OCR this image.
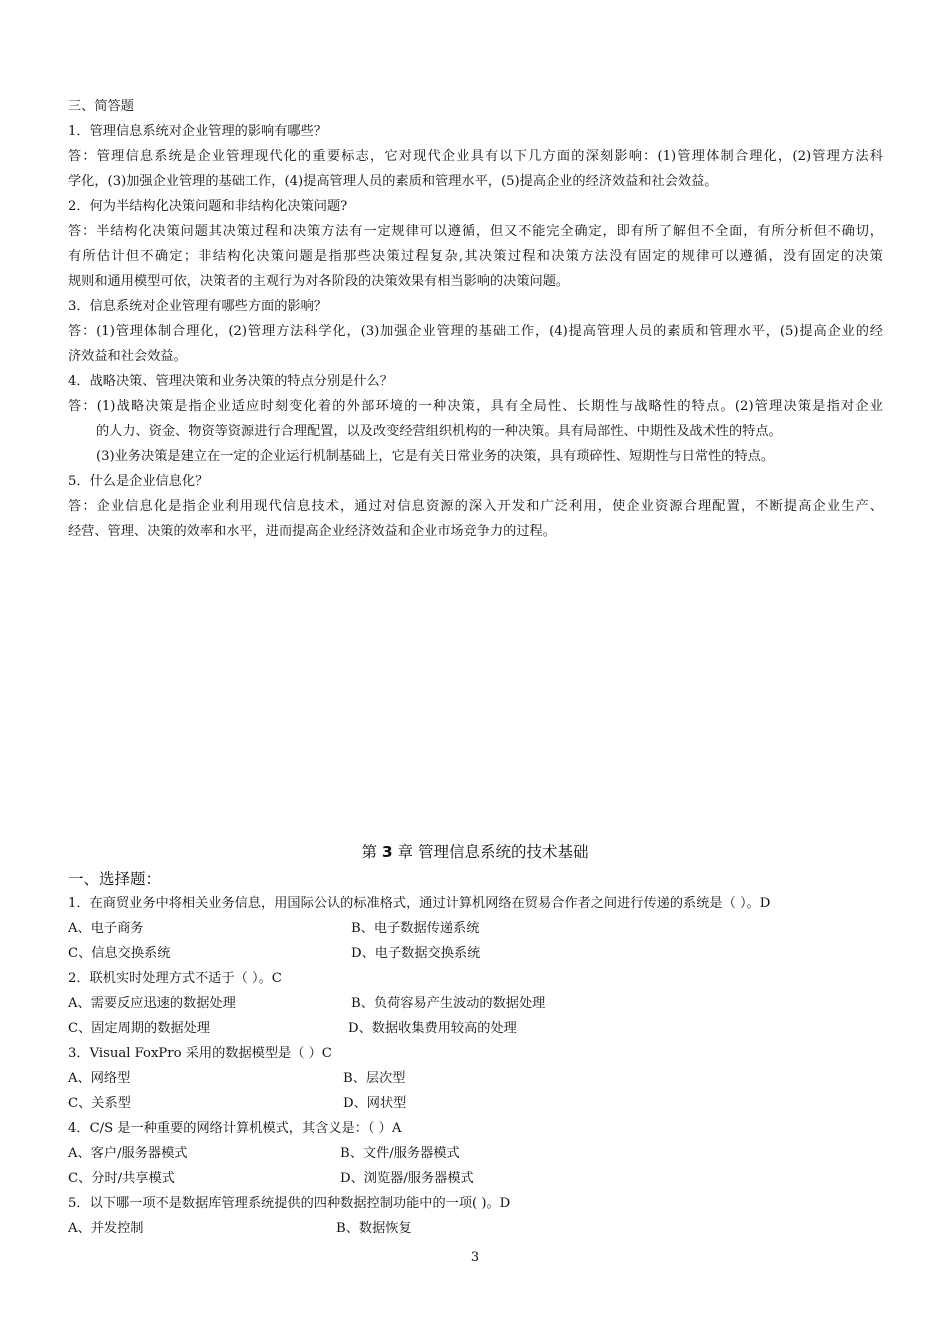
三、简答题
1．管理信息系统对企业管理的影响有哪些？
答：管理信息系统是企业管理现代化的重要标志，它对现代企业具有以下几方面的深刻影响：(1)管理体制合理化，(2)管理方法科
学化，(3)加强企业管理的基础工作，(4)提高管理人员的素质和管理水平，(5)提高企业的经济效益和社会效益。
2．何为半结构化决策问题和非结构化决策问题?
答：半结构化决策问题其决策过程和决策方法有一定规律可以遵循，但又不能完全确定，即有所了解但不全面，有所分析但不确切，
有所估计但不确定；非结构化决策问题是指那些决策过程复杂,其决策过程和决策方法没有固定的规律可以遵循，没有固定的决策
规则和通用模型可依，决策者的主观行为对各阶段的决策效果有相当影响的决策问题。
3．信息系统对企业管理有哪些方面的影响？
答：(1)管理体制合理化，(2)管理方法科学化，(3)加强企业管理的基础工作，(4)提高管理人员的素质和管理水平，(5)提高企业的经
济效益和社会效益。
4．战略决策、管理决策和业务决策的特点分别是什么？
答：(1)战略决策是指企业适应时刻变化着的外部环境的一种决策，具有全局性、长期性与战略性的特点。(2)管理决策是指对企业
的人力、资金、物资等资源进行合理配置，以及改变经营组织机构的一种决策。具有局部性、中期性及战术性的特点。
(3)业务决策是建立在一定的企业运行机制基础上，它是有关日常业务的决策，具有琐碎性、短期性与日常性的特点。
5．什么是企业信息化？
答：企业信息化是指企业利用现代信息技术，通过对信息资源的深入开发和广泛利用，使企业资源合理配置，不断提高企业生产、
经营、管理、决策的效率和水平，进而提高企业经济效益和企业市场竞争力的过程。
第 3 章 管理信息系统的技术基础
一、选择题：
1．在商贸业务中将相关业务信息，用国际公认的标准格式，通过计算机网络在贸易合作者之间进行传递的系统是（ ）。D
A、电子商务	B、电子数据传递系统
C、信息交换系统	D、电子数据交换系统
2．联机实时处理方式不适于（ ）。C
A、需要反应迅速的数据处理	B、负荷容易产生波动的数据处理
C、固定周期的数据处理	D、数据收集费用较高的处理
3．Visual FoxPro 采用的数据模型是（ ）C
A、网络型	B、层次型
C、关系型	D、网状型
4．C/S 是一种重要的网络计算机模式，其含义是：（ ）A
A、客户/服务器模式	B、文件/服务器模式
C、分时/共享模式	D、浏览器/服务器模式
5．以下哪一项不是数据库管理系统提供的四种数据控制功能中的一项( )。D
A、并发控制	B、数据恢复
3
